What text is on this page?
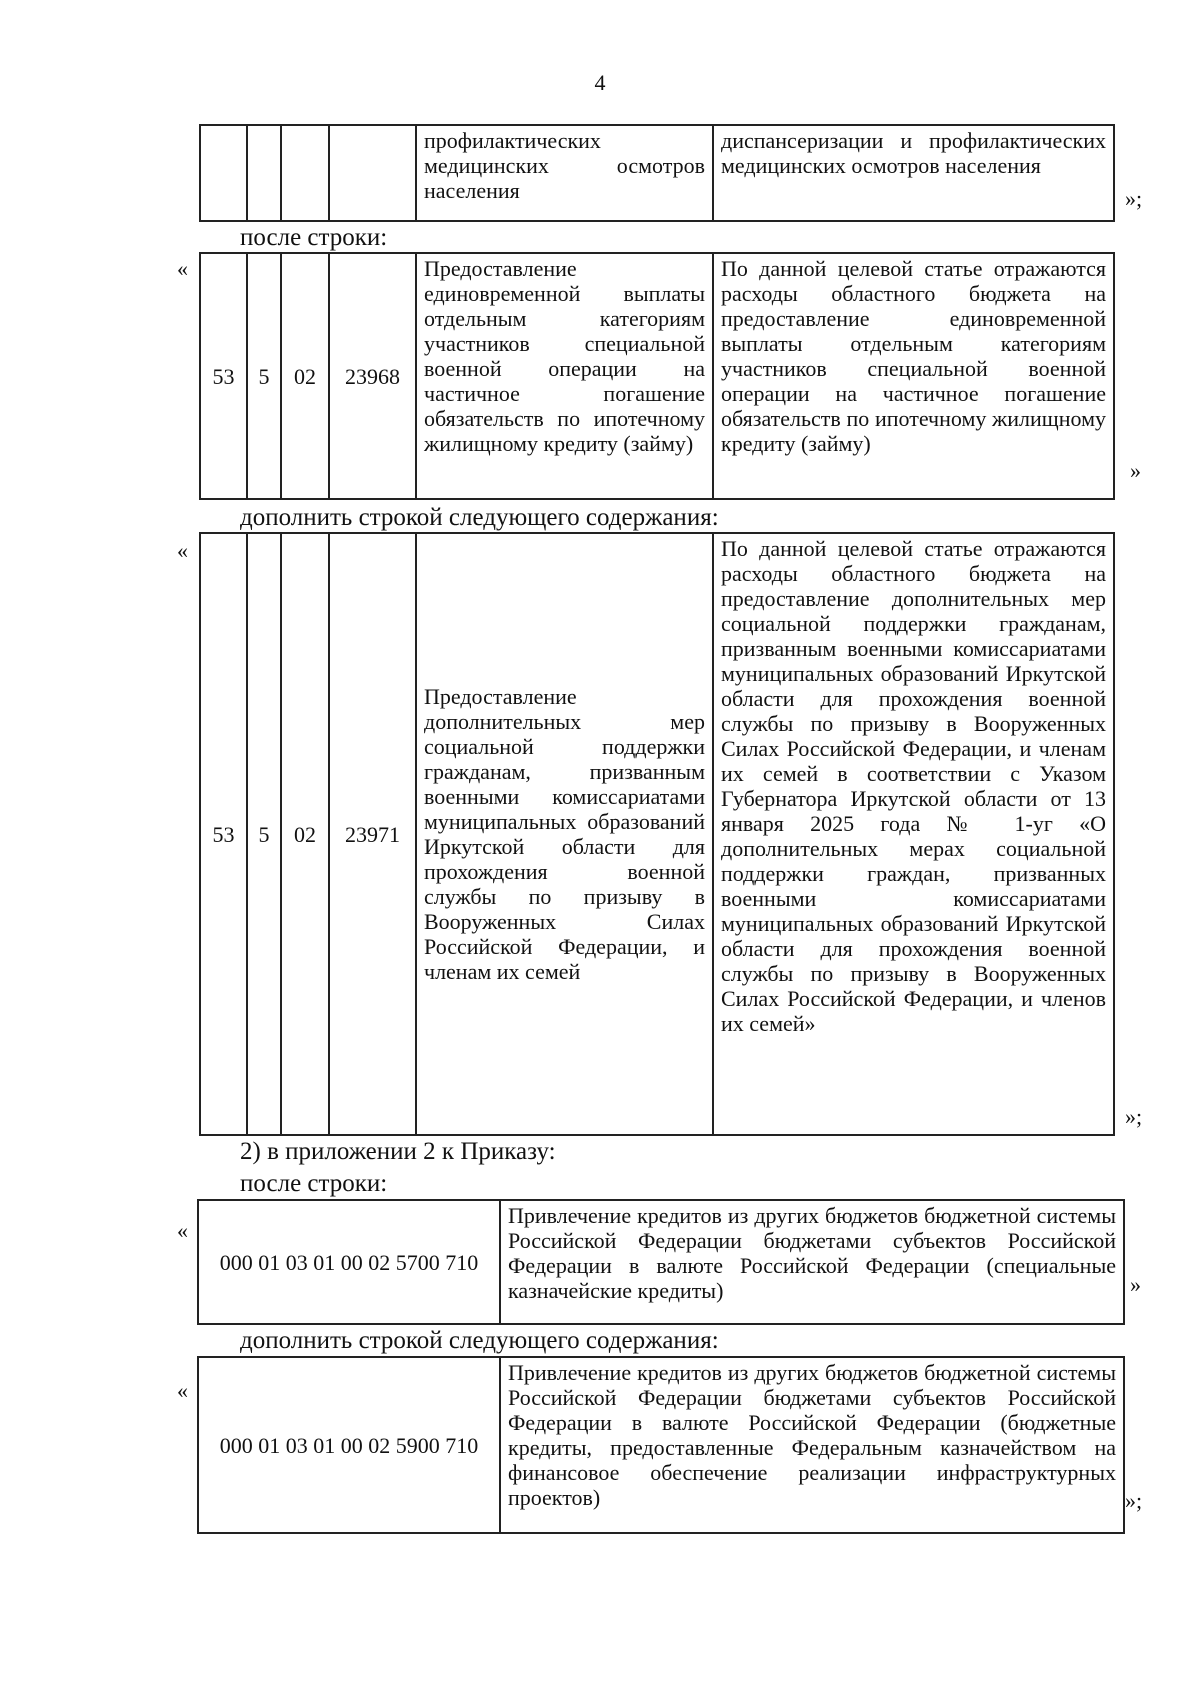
4
				профилактических медицинских осмотров населения	диспансеризации и профилактических медицинских осмотров населения
»;
после строки:
«
53	5	02	23968	Предоставление единовременной выплаты отдельным категориям участников специальной военной операции на частичное погашение обязательств по ипотечному жилищному кредиту (займу)	По данной целевой статье отражаются расходы областного бюджета на предоставление единовременной выплаты отдельным категориям участников специальной военной операции на частичное погашение обязательств по ипотечному жилищному кредиту (займу)
»
дополнить строкой следующего содержания:
«
53	5	02	23971	Предоставление дополнительных мер социальной поддержки гражданам, призванным военными комиссариатами муниципальных образований Иркутской области для прохождения военной службы по призыву в Вооруженных Силах Российской Федерации, и членам их семей	По данной целевой статье отражаются расходы областного бюджета на предоставление дополнительных мер социальной поддержки гражданам, призванным военными комиссариатами муниципальных образований Иркутской области для прохождения военной службы по призыву в Вооруженных Силах Российской Федерации, и членам их семей в соответствии с Указом Губернатора Иркутской области от 13 января 2025 года № 1-уг «О дополнительных мерах социальной поддержки граждан, призванных военными комиссариатами муниципальных образований Иркутской области для прохождения военной службы по призыву в Вооруженных Силах Российской Федерации, и членов их семей»
»;
2) в приложении 2 к Приказу:
после строки:
«
000 01 03 01 00 02 5700 710	Привлечение кредитов из других бюджетов бюджетной системы Российской Федерации бюджетами субъектов Российской Федерации в валюте Российской Федерации (специальные казначейские кредиты)	»
дополнить строкой следующего содержания:
«
000 01 03 01 00 02 5900 710	Привлечение кредитов из других бюджетов бюджетной системы Российской Федерации бюджетами субъектов Российской Федерации в валюте Российской Федерации (бюджетные кредиты, предоставленные Федеральным казначейством на финансовое обеспечение реализации инфраструктурных проектов)	»;
